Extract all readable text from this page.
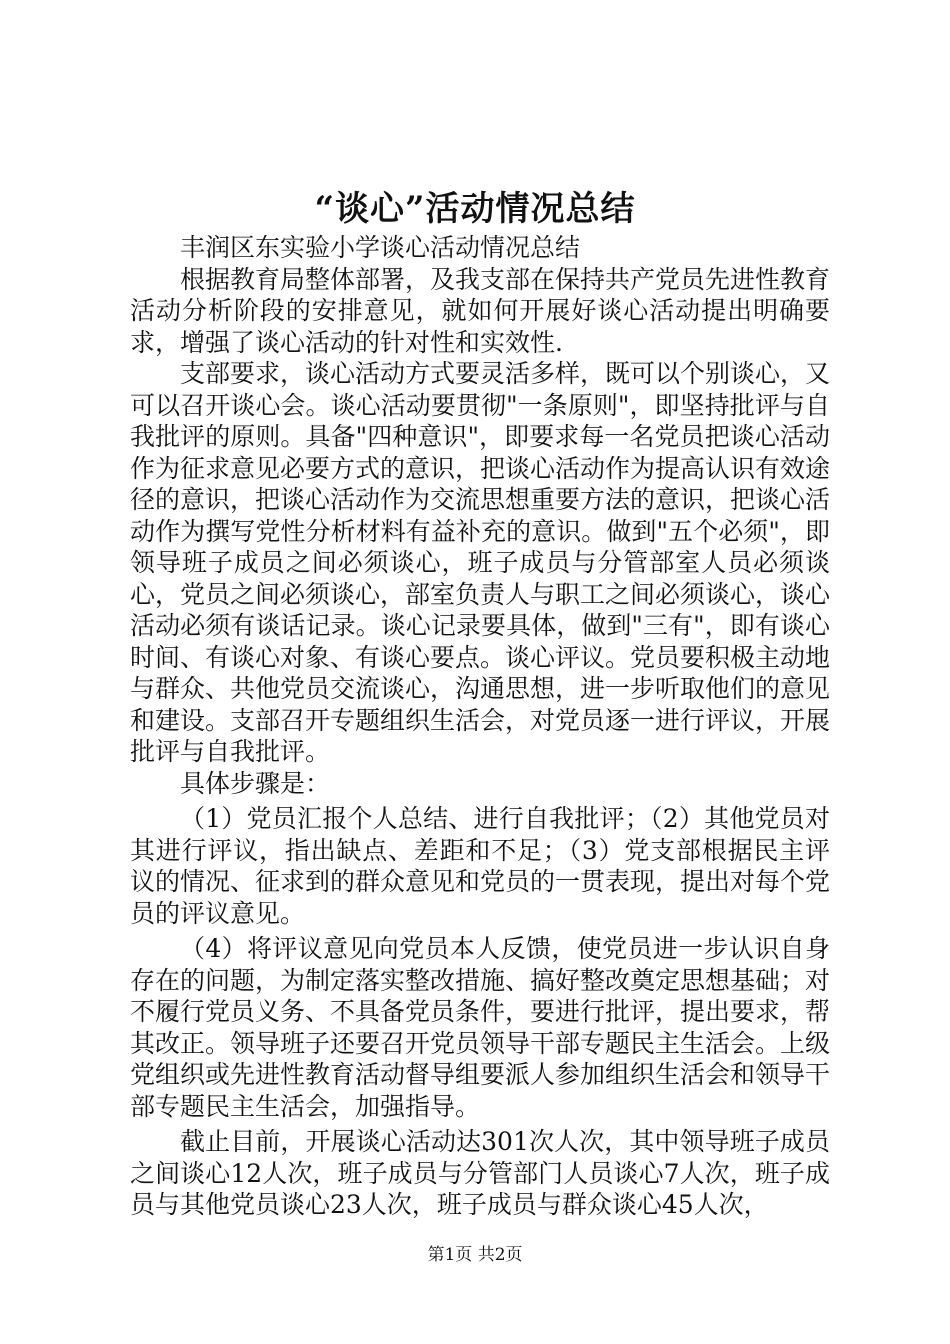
“谈心”活动情况总结

丰润区东实验小学谈心活动情况总结

根据教育局整体部署，及我支部在保持共产党员先进性教育活动分析阶段的安排意见，就如何开展好谈心活动提出明确要求，增强了谈心活动的针对性和实效性.

支部要求，谈心活动方式要灵活多样，既可以个别谈心，又可以召开谈心会。谈心活动要贯彻"一条原则"，即坚持批评与自我批评的原则。具备"四种意识"，即要求每一名党员把谈心活动作为征求意见必要方式的意识，把谈心活动作为提高认识有效途径的意识，把谈心活动作为交流思想重要方法的意识，把谈心活动作为撰写党性分析材料有益补充的意识。做到"五个必须"，即领导班子成员之间必须谈心，班子成员与分管部室人员必须谈心，党员之间必须谈心，部室负责人与职工之间必须谈心，谈心活动必须有谈话记录。谈心记录要具体，做到"三有"，即有谈心时间、有谈心对象、有谈心要点。谈心评议。党员要积极主动地与群众、共他党员交流谈心，沟通思想，进一步听取他们的意见和建设。支部召开专题组织生活会，对党员逐一进行评议，开展批评与自我批评。

具体步骤是：

（1）党员汇报个人总结、进行自我批评；（2）其他党员对其进行评议，指出缺点、差距和不足；（3）党支部根据民主评议的情况、征求到的群众意见和党员的一贯表现，提出对每个党员的评议意见。

（4）将评议意见向党员本人反馈，使党员进一步认识自身存在的问题，为制定落实整改措施、搞好整改奠定思想基础；对不履行党员义务、不具备党员条件，要进行批评，提出要求，帮其改正。领导班子还要召开党员领导干部专题民主生活会。上级党组织或先进性教育活动督导组要派人参加组织生活会和领导干部专题民主生活会，加强指导。

截止目前，开展谈心活动达301次人次，其中领导班子成员之间谈心12人次，班子成员与分管部门人员谈心7人次，班子成员与其他党员谈心23人次，班子成员与群众谈心45人次，

第1页 共2页
